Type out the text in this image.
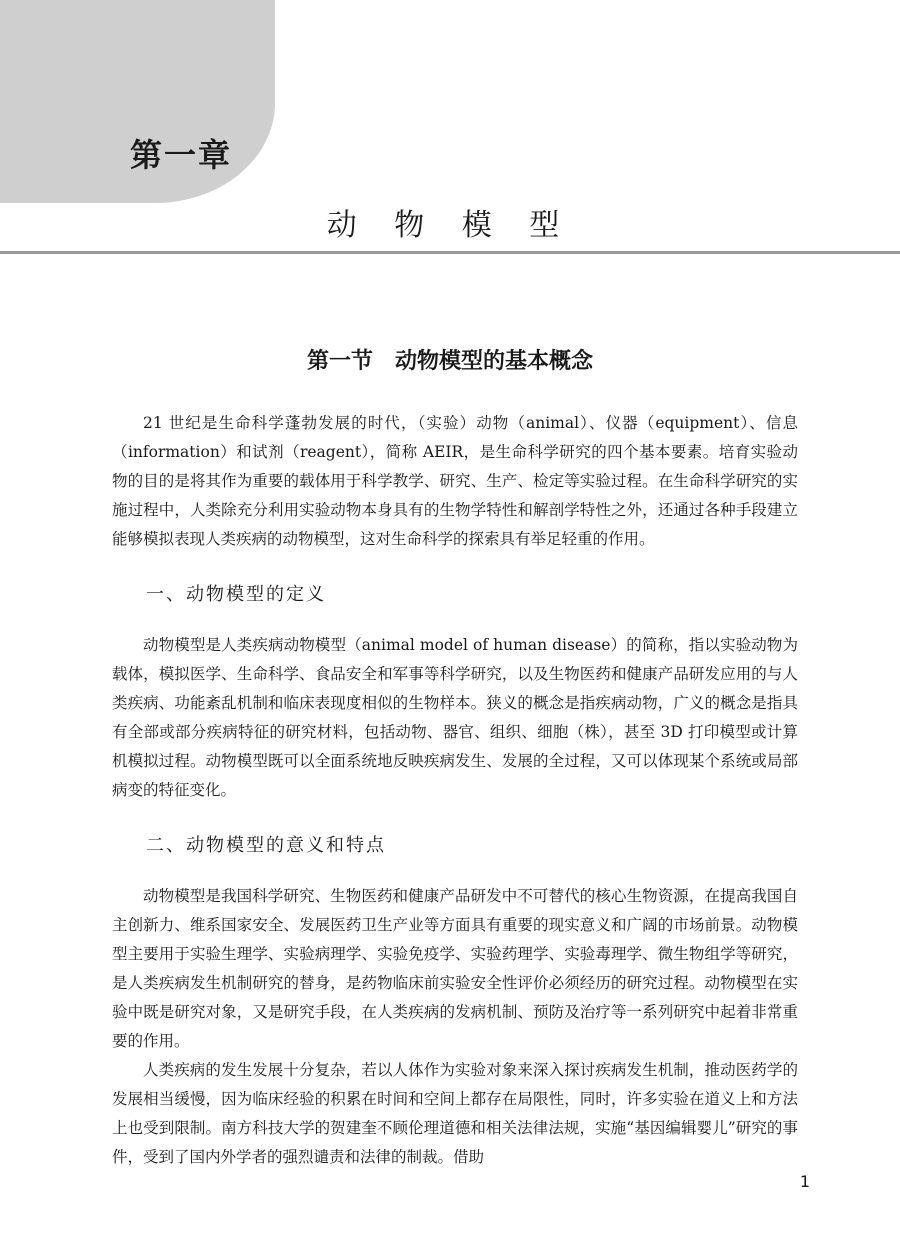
第一章
动 物 模 型
第一节　动物模型的基本概念

21 世纪是生命科学蓬勃发展的时代，（实验）动物（animal）、仪器（equipment）、信息（information）和试剂（reagent），简称 AEIR，是生命科学研究的四个基本要素。培育实验动物的目的是将其作为重要的载体用于科学教学、研究、生产、检定等实验过程。在生命科学研究的实施过程中，人类除充分利用实验动物本身具有的生物学特性和解剖学特性之外，还通过各种手段建立能够模拟表现人类疾病的动物模型，这对生命科学的探索具有举足轻重的作用。

一、动物模型的定义

动物模型是人类疾病动物模型（animal model of human disease）的简称，指以实验动物为载体，模拟医学、生命科学、食品安全和军事等科学研究，以及生物医药和健康产品研发应用的与人类疾病、功能紊乱机制和临床表现度相似的生物样本。狭义的概念是指疾病动物，广义的概念是指具有全部或部分疾病特征的研究材料，包括动物、器官、组织、细胞（株），甚至 3D 打印模型或计算机模拟过程。动物模型既可以全面系统地反映疾病发生、发展的全过程，又可以体现某个系统或局部病变的特征变化。

二、动物模型的意义和特点

动物模型是我国科学研究、生物医药和健康产品研发中不可替代的核心生物资源，在提高我国自主创新力、维系国家安全、发展医药卫生产业等方面具有重要的现实意义和广阔的市场前景。动物模型主要用于实验生理学、实验病理学、实验免疫学、实验药理学、实验毒理学、微生物组学等研究，是人类疾病发生机制研究的替身，是药物临床前实验安全性评价必须经历的研究过程。动物模型在实验中既是研究对象，又是研究手段，在人类疾病的发病机制、预防及治疗等一系列研究中起着非常重要的作用。

人类疾病的发生发展十分复杂，若以人体作为实验对象来深入探讨疾病发生机制，推动医药学的发展相当缓慢，因为临床经验的积累在时间和空间上都存在局限性，同时，许多实验在道义上和方法上也受到限制。南方科技大学的贺建奎不顾伦理道德和相关法律法规，实施“基因编辑婴儿”研究的事件，受到了国内外学者的强烈谴责和法律的制裁。借助

1
